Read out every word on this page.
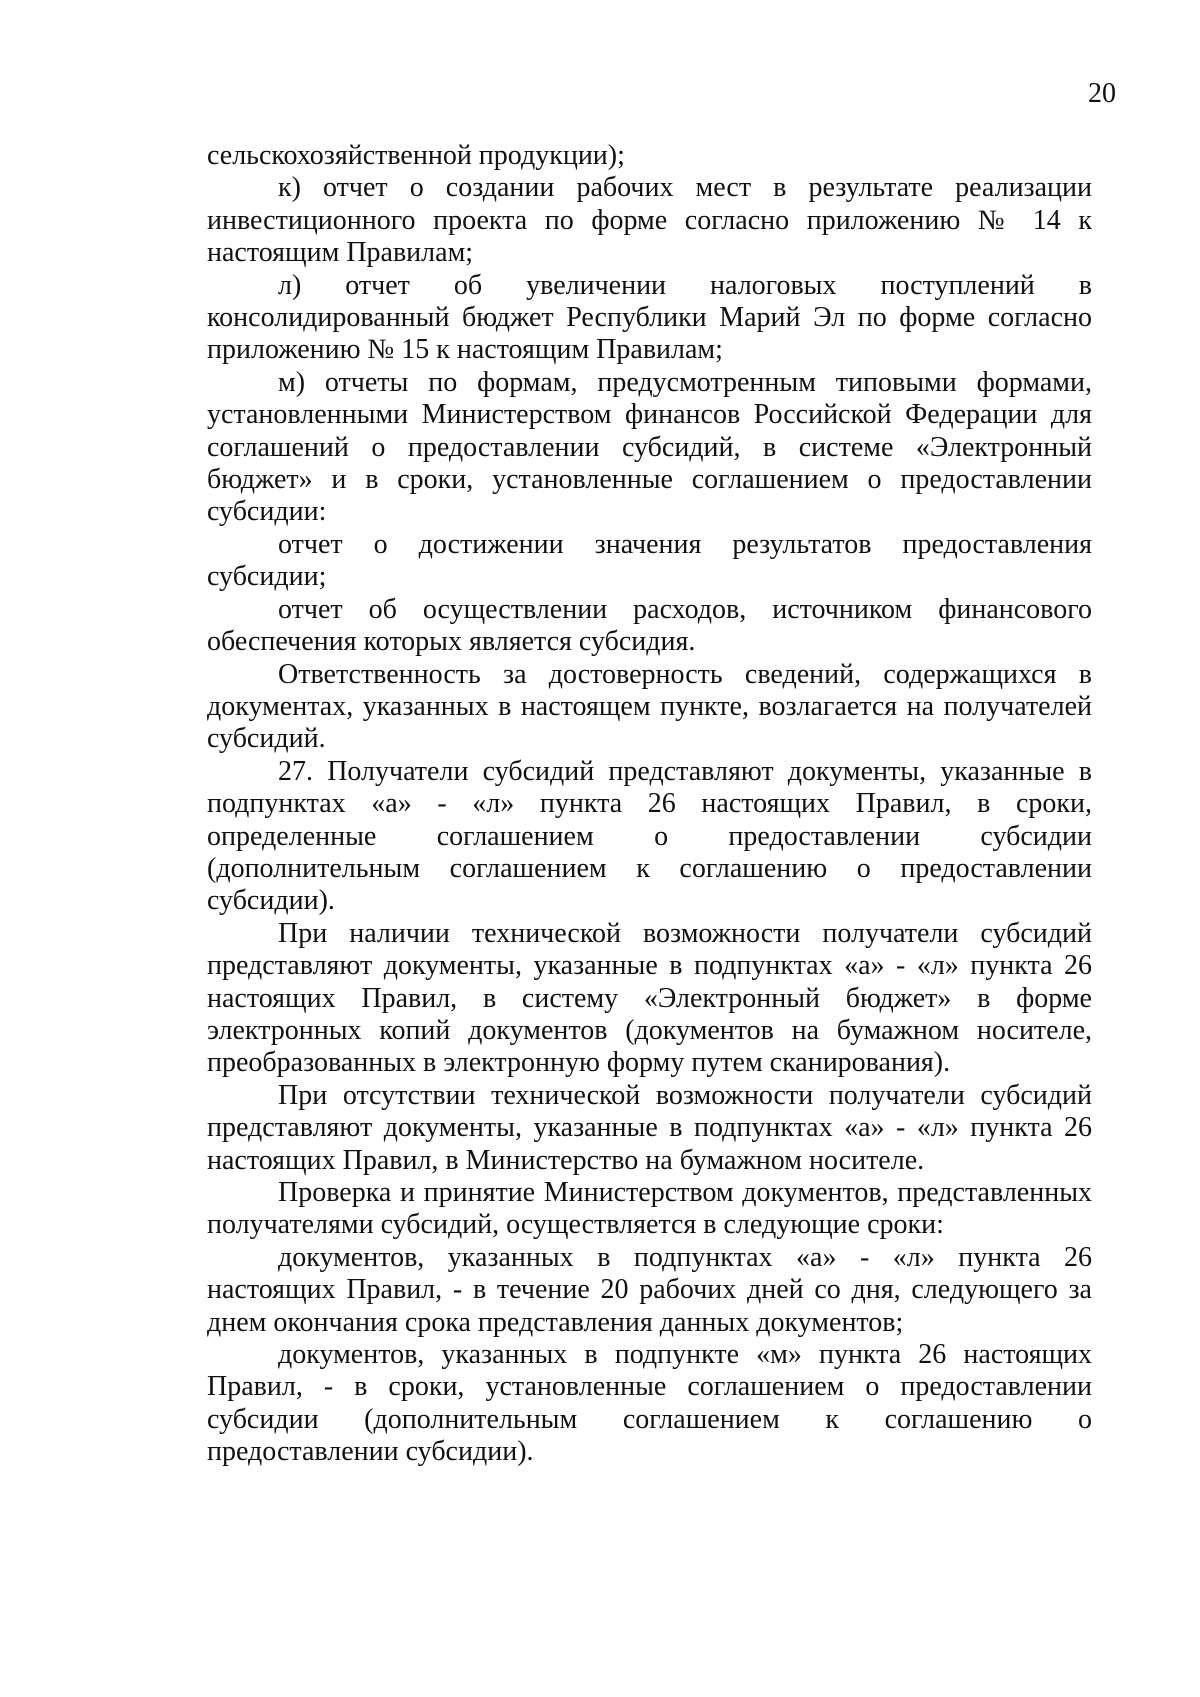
20

сельскохозяйственной продукции);

к) отчет о создании рабочих мест в результате реализации инвестиционного проекта по форме согласно приложению № 14 к настоящим Правилам;

л) отчет об увеличении налоговых поступлений в консолидированный бюджет Республики Марий Эл по форме согласно приложению № 15 к настоящим Правилам;

м) отчеты по формам, предусмотренным типовыми формами, установленными Министерством финансов Российской Федерации для соглашений о предоставлении субсидий, в системе «Электронный бюджет» и в сроки, установленные соглашением о предоставлении субсидии:

отчет о достижении значения результатов предоставления субсидии;

отчет об осуществлении расходов, источником финансового обеспечения которых является субсидия.

Ответственность за достоверность сведений, содержащихся в документах, указанных в настоящем пункте, возлагается на получателей субсидий.

27. Получатели субсидий представляют документы, указанные в подпунктах «а» - «л» пункта 26 настоящих Правил, в сроки, определенные соглашением о предоставлении субсидии (дополнительным соглашением к соглашению о предоставлении субсидии).

При наличии технической возможности получатели субсидий представляют документы, указанные в подпунктах «а» - «л» пункта 26 настоящих Правил, в систему «Электронный бюджет» в форме электронных копий документов (документов на бумажном носителе, преобразованных в электронную форму путем сканирования).

При отсутствии технической возможности получатели субсидий представляют документы, указанные в подпунктах «а» - «л» пункта 26 настоящих Правил, в Министерство на бумажном носителе.

Проверка и принятие Министерством документов, представленных получателями субсидий, осуществляется в следующие сроки:

документов, указанных в подпунктах «а» - «л» пункта 26 настоящих Правил, - в течение 20 рабочих дней со дня, следующего за днем окончания срока представления данных документов;

документов, указанных в подпункте «м» пункта 26 настоящих Правил, - в сроки, установленные соглашением о предоставлении субсидии (дополнительным соглашением к соглашению о предоставлении субсидии).
